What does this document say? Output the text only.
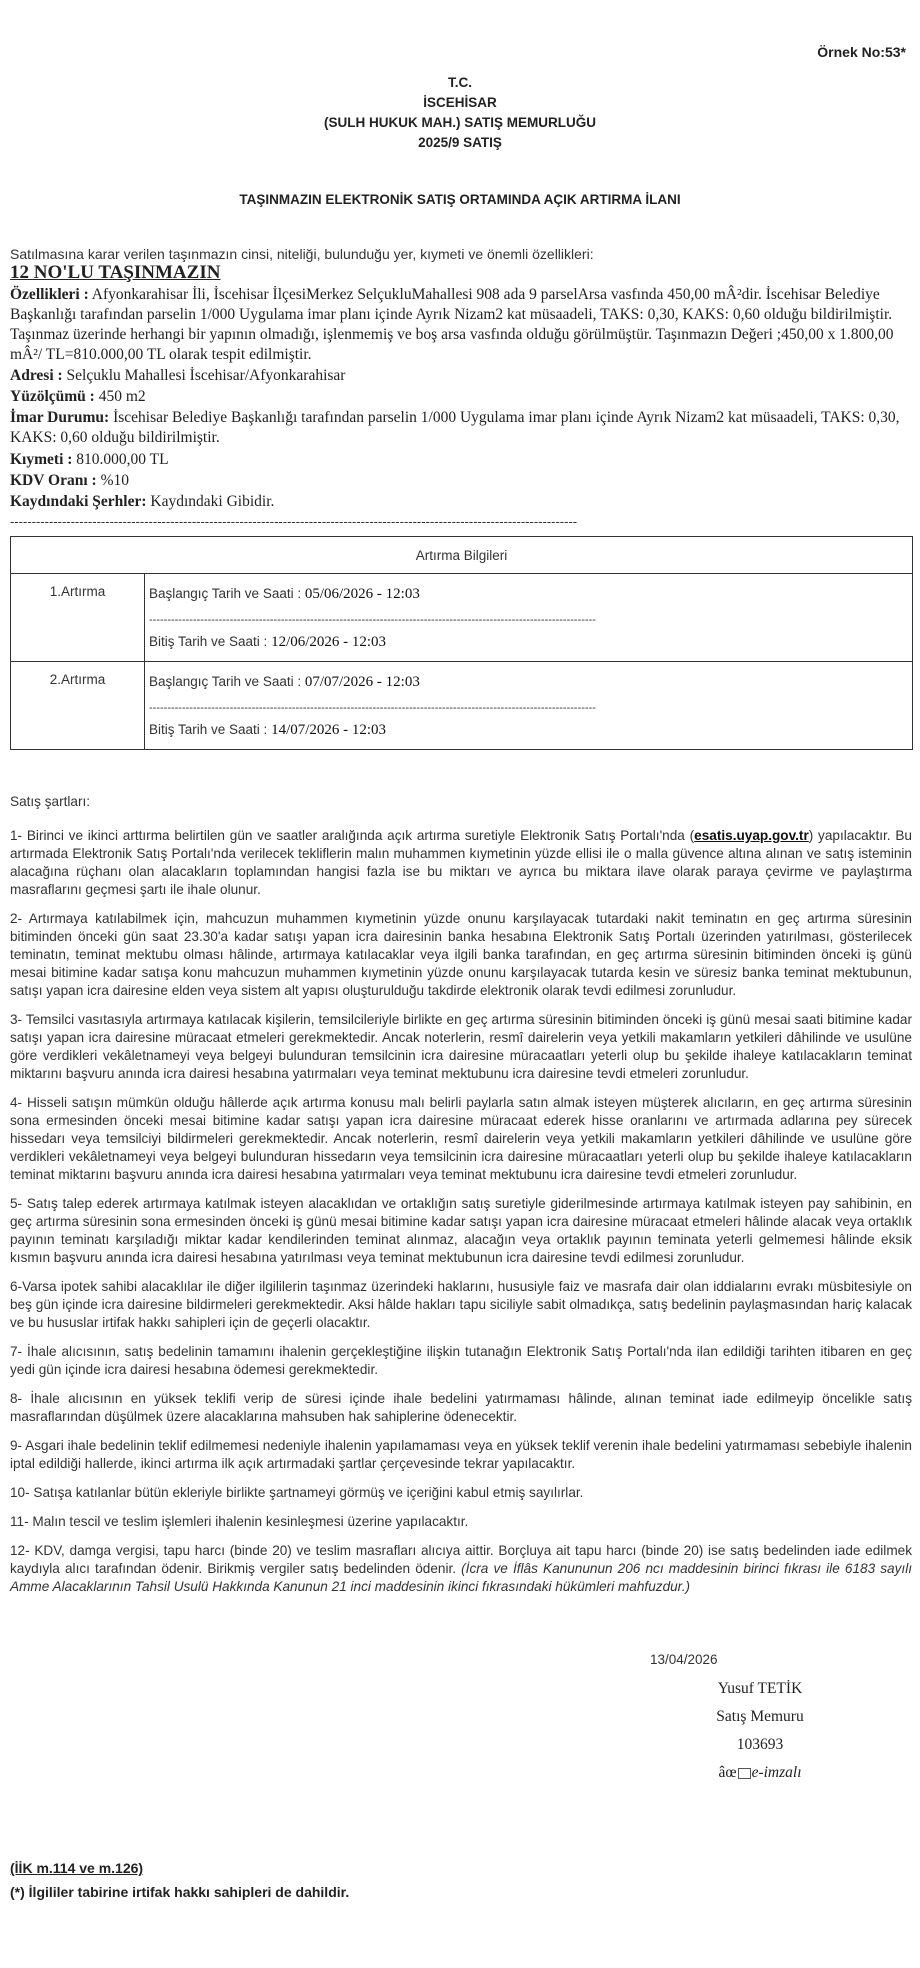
Örnek No:53*
T.C.
İSCEHİSAR
(SULH HUKUK MAH.) SATIŞ MEMURLUĞU
2025/9 SATIŞ
TAŞINMAZIN ELEKTRONİK SATIŞ ORTAMINDA AÇIK ARTIRMA İLANI
Satılmasına karar verilen taşınmazın cinsi, niteliği, bulunduğu yer, kıymeti ve önemli özellikleri:
12 NO'LU TAŞINMAZIN
Özellikleri : Afyonkarahisar İli, İscehisar İlçesiMerkez SelçukluMahallesi 908 ada 9 parselArsa vasfında 450,00 mÂ²dir. İscehisar Belediye Başkanlığı tarafından parselin 1/000 Uygulama imar planı içinde Ayrık Nizam2 kat müsaadeli, TAKS: 0,30, KAKS: 0,60 olduğu bildirilmiştir. Taşınmaz üzerinde herhangi bir yapının olmadığı, işlenmemiş ve boş arsa vasfında olduğu görülmüştür. Taşınmazın Değeri ;450,00 x 1.800,00 mÂ²/ TL=810.000,00 TL olarak tespit edilmiştir.
Adresi : Selçuklu Mahallesi İscehisar/Afyonkarahisar
Yüzölçümü : 450 m2
İmar Durumu: İscehisar Belediye Başkanlığı tarafından parselin 1/000 Uygulama imar planı içinde Ayrık Nizam2 kat müsaadeli, TAKS: 0,30, KAKS: 0,60 olduğu bildirilmiştir.
Kıymeti : 810.000,00 TL
KDV Oranı : %10
Kaydındaki Şerhler: Kaydındaki Gibidir.
-----------------------------------------------------------------------------------------------------------------------------------
Artırma Bilgileri	
1.Artırma	Başlangıç Tarih ve Saati : 05/06/2026 - 12:03
--------------------------------------------------------------------------------------------------------------------------
Bitiş Tarih ve Saati : 12/06/2026 - 12:03

2.Artırma	Başlangıç Tarih ve Saati : 07/07/2026 - 12:03
--------------------------------------------------------------------------------------------------------------------------
Bitiş Tarih ve Saati : 14/07/2026 - 12:03

Satış şartları:

1- Birinci ve ikinci arttırma belirtilen gün ve saatler aralığında açık artırma suretiyle Elektronik Satış Portalı'nda (esatis.uyap.gov.tr) yapılacaktır. Bu artırmada Elektronik Satış Portalı'nda verilecek tekliflerin malın muhammen kıymetinin yüzde ellisi ile o malla güvence altına alınan ve satış isteminin alacağına rüçhanı olan alacakların toplamından hangisi fazla ise bu miktarı ve ayrıca bu miktara ilave olarak paraya çevirme ve paylaştırma masraflarını geçmesi şartı ile ihale olunur.

2- Artırmaya katılabilmek için, mahcuzun muhammen kıymetinin yüzde onunu karşılayacak tutardaki nakit teminatın en geç artırma süresinin bitiminden önceki gün saat 23.30'a kadar satışı yapan icra dairesinin banka hesabına Elektronik Satış Portalı üzerinden yatırılması, gösterilecek teminatın, teminat mektubu olması hâlinde, artırmaya katılacaklar veya ilgili banka tarafından, en geç artırma süresinin bitiminden önceki iş günü mesai bitimine kadar satışa konu mahcuzun muhammen kıymetinin yüzde onunu karşılayacak tutarda kesin ve süresiz banka teminat mektubunun, satışı yapan icra dairesine elden veya sistem alt yapısı oluşturulduğu takdirde elektronik olarak tevdi edilmesi zorunludur.

3- Temsilci vasıtasıyla artırmaya katılacak kişilerin, temsilcileriyle birlikte en geç artırma süresinin bitiminden önceki iş günü mesai saati bitimine kadar satışı yapan icra dairesine müracaat etmeleri gerekmektedir. Ancak noterlerin, resmî dairelerin veya yetkili makamların yetkileri dâhilinde ve usulüne göre verdikleri vekâletnameyi veya belgeyi bulunduran temsilcinin icra dairesine müracaatları yeterli olup bu şekilde ihaleye katılacakların teminat miktarını başvuru anında icra dairesi hesabına yatırmaları veya teminat mektubunu icra dairesine tevdi etmeleri zorunludur.

4- Hisseli satışın mümkün olduğu hâllerde açık artırma konusu malı belirli paylarla satın almak isteyen müşterek alıcıların, en geç artırma süresinin sona ermesinden önceki mesai bitimine kadar satışı yapan icra dairesine müracaat ederek hisse oranlarını ve artırmada adlarına pey sürecek hissedarı veya temsilciyi bildirmeleri gerekmektedir. Ancak noterlerin, resmî dairelerin veya yetkili makamların yetkileri dâhilinde ve usulüne göre verdikleri vekâletnameyi veya belgeyi bulunduran hissedarın veya temsilcinin icra dairesine müracaatları yeterli olup bu şekilde ihaleye katılacakların teminat miktarını başvuru anında icra dairesi hesabına yatırmaları veya teminat mektubunu icra dairesine tevdi etmeleri zorunludur.

5- Satış talep ederek artırmaya katılmak isteyen alacaklıdan ve ortaklığın satış suretiyle giderilmesinde artırmaya katılmak isteyen pay sahibinin, en geç artırma süresinin sona ermesinden önceki iş günü mesai bitimine kadar satışı yapan icra dairesine müracaat etmeleri hâlinde alacak veya ortaklık payının teminatı karşıladığı miktar kadar kendilerinden teminat alınmaz, alacağın veya ortaklık payının teminata yeterli gelmemesi hâlinde eksik kısmın başvuru anında icra dairesi hesabına yatırılması veya teminat mektubunun icra dairesine tevdi edilmesi zorunludur.

6-Varsa ipotek sahibi alacaklılar ile diğer ilgililerin taşınmaz üzerindeki haklarını, hususiyle faiz ve masrafa dair olan iddialarını evrakı müsbitesiyle on beş gün içinde icra dairesine bildirmeleri gerekmektedir. Aksi hâlde hakları tapu siciliyle sabit olmadıkça, satış bedelinin paylaşmasından hariç kalacak ve bu hususlar irtifak hakkı sahipleri için de geçerli olacaktır.

7- İhale alıcısının, satış bedelinin tamamını ihalenin gerçekleştiğine ilişkin tutanağın Elektronik Satış Portalı'nda ilan edildiği tarihten itibaren en geç yedi gün içinde icra dairesi hesabına ödemesi gerekmektedir.

8- İhale alıcısının en yüksek teklifi verip de süresi içinde ihale bedelini yatırmaması hâlinde, alınan teminat iade edilmeyip öncelikle satış masraflarından düşülmek üzere alacaklarına mahsuben hak sahiplerine ödenecektir.

9- Asgari ihale bedelinin teklif edilmemesi nedeniyle ihalenin yapılamaması veya en yüksek teklif verenin ihale bedelini yatırmaması sebebiyle ihalenin iptal edildiği hallerde, ikinci artırma ilk açık artırmadaki şartlar çerçevesinde tekrar yapılacaktır.

10- Satışa katılanlar bütün ekleriyle birlikte şartnameyi görmüş ve içeriğini kabul etmiş sayılırlar.

11- Malın tescil ve teslim işlemleri ihalenin kesinleşmesi üzerine yapılacaktır.

12- KDV, damga vergisi, tapu harcı (binde 20) ve teslim masrafları alıcıya aittir. Borçluya ait tapu harcı (binde 20) ise satış bedelinden iade edilmek kaydıyla alıcı tarafından ödenir. Birikmiş vergiler satış bedelinden ödenir. (İcra ve İflâs Kanununun 206 ncı maddesinin birinci fıkrası ile 6183 sayılı Amme Alacaklarının Tahsil Usulü Hakkında Kanunun 21 inci maddesinin ikinci fıkrasındaki hükümleri mahfuzdur.)

13/04/2026
Yusuf TETİK
Satış Memuru
103693
âœ e-imzalı
(İİK m.114 ve m.126)
(*) İlgililer tabirine irtifak hakkı sahipleri de dahildir.
